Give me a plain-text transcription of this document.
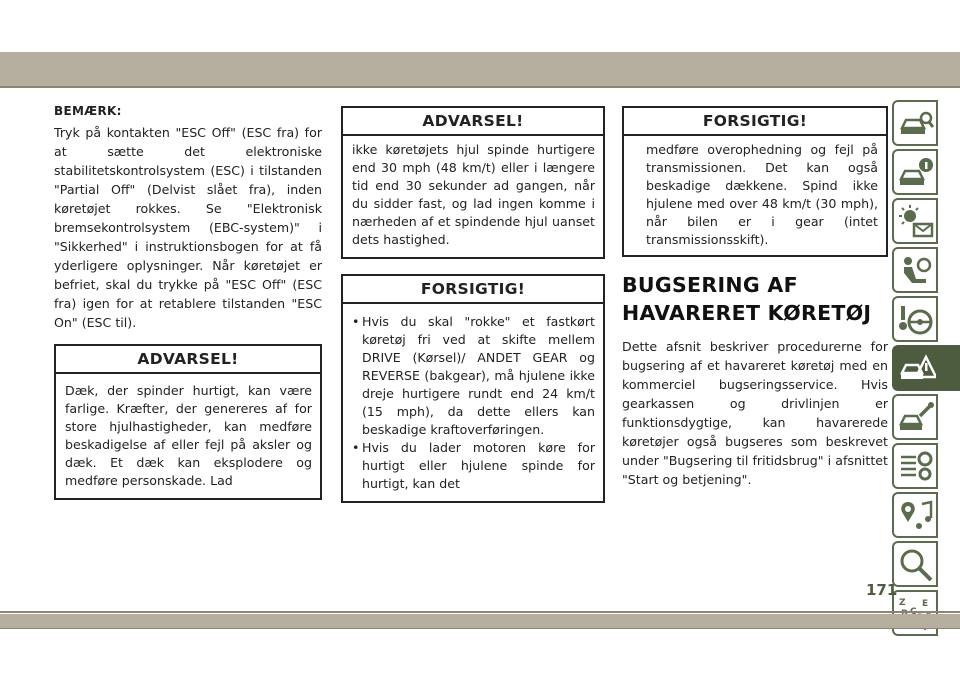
BEMÆRK:

Tryk på kontakten "ESC Off" (ESC fra) for at sætte det elektroniske stabilitetskontrolsystem (ESC) i tilstanden "Partial Off" (Delvist slået fra), inden køretøjet rokkes. Se "Elektronisk bremsekontrolsystem (EBC-system)" i "Sikkerhed" i instruktionsbogen for at få yderligere oplysninger. Når køretøjet er befriet, skal du trykke på "ESC Off" (ESC fra) igen for at retablere tilstanden "ESC On" (ESC til).

ADVARSEL!

Dæk, der spinder hurtigt, kan være farlige. Kræfter, der genereres af for store hjulhastigheder, kan medføre beskadigelse af eller fejl på aksler og dæk. Et dæk kan eksplodere og medføre personskade. Lad

ADVARSEL!

ikke køretøjets hjul spinde hurtigere end 30 mph (48 km/t) eller i længere tid end 30 sekunder ad gangen, når du sidder fast, og lad ingen komme i nærheden af et spindende hjul uanset dets hastighed.

FORSIGTIG!
• Hvis du skal "rokke" et fastkørt køretøj fri ved at skifte mellem DRIVE (Kørsel)/ ANDET GEAR og REVERSE (bakgear), må hjulene ikke dreje hurtigere rundt end 24 km/t (15 mph), da dette ellers kan beskadige kraftoverføringen.
• Hvis du lader motoren køre for hurtigt eller hjulene spinde for hurtigt, kan det
FORSIGTIG!

medføre overophedning og fejl på transmissionen. Det kan også beskadige dækkene. Spind ikke hjulene med over 48 km/t (30 mph), når bilen er i gear (intet transmissionsskift).

BUGSERING AF HAVARERET KØRETØJ

Dette afsnit beskriver procedurerne for bugsering af et havareret køretøj med en kommerciel bugseringsservice. Hvis gearkassen og drivlinjen er funktionsdygtige, kan havarerede køretøjer også bugseres som beskrevet under "Bugsering til fritidsbrug" i afsnittet "Start og betjening".

Z E
171
